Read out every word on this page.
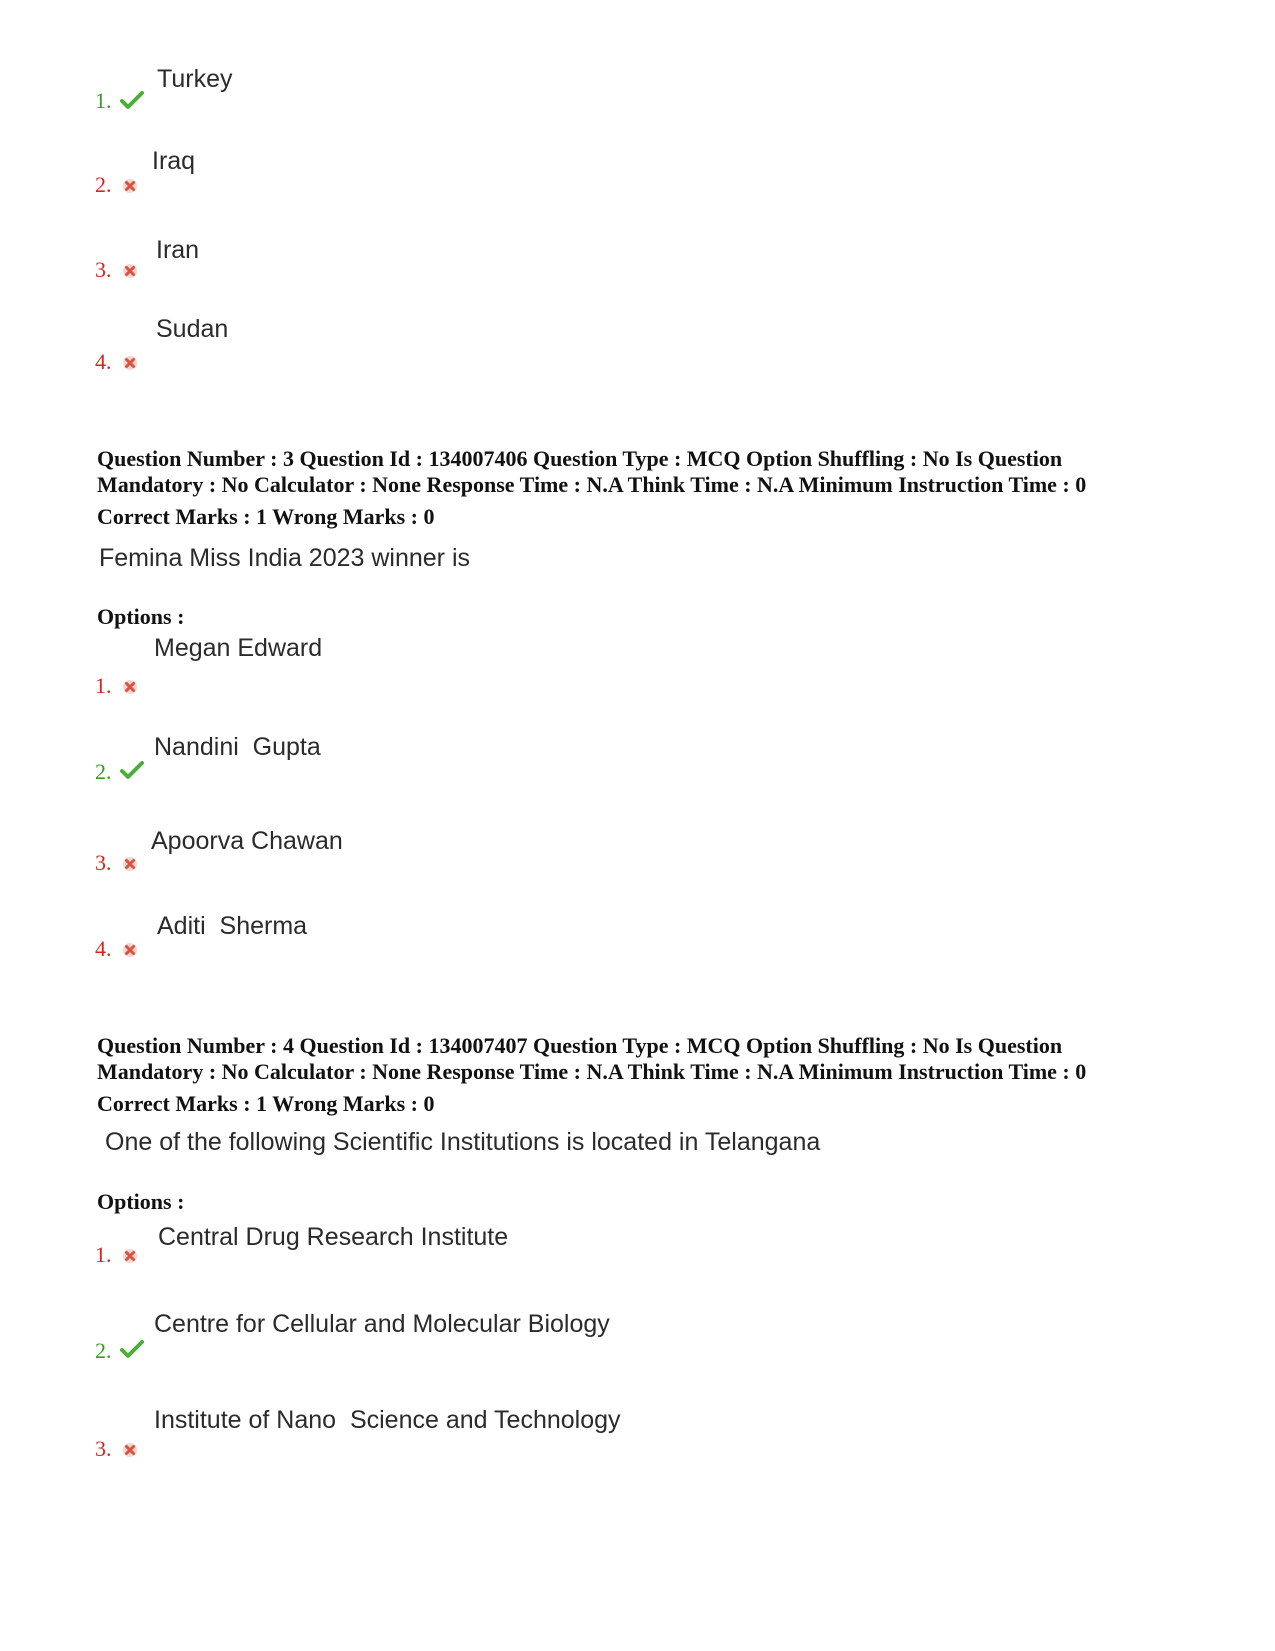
Turkey
1.
Iraq
2.
Iran
3.
Sudan
4.
Question Number : 3 Question Id : 134007406 Question Type : MCQ Option Shuffling : No Is Question
Mandatory : No Calculator : None Response Time : N.A Think Time : N.A Minimum Instruction Time : 0
Correct Marks : 1 Wrong Marks : 0
Femina Miss India 2023 winner is
Options :
Megan Edward
1.
Nandini  Gupta
2.
Apoorva Chawan
3.
Aditi  Sherma
4.
Question Number : 4 Question Id : 134007407 Question Type : MCQ Option Shuffling : No Is Question
Mandatory : No Calculator : None Response Time : N.A Think Time : N.A Minimum Instruction Time : 0
Correct Marks : 1 Wrong Marks : 0
One of the following Scientific Institutions is located in Telangana
Options :
Central Drug Research Institute
1.
Centre for Cellular and Molecular Biology
2.
Institute of Nano  Science and Technology
3.
